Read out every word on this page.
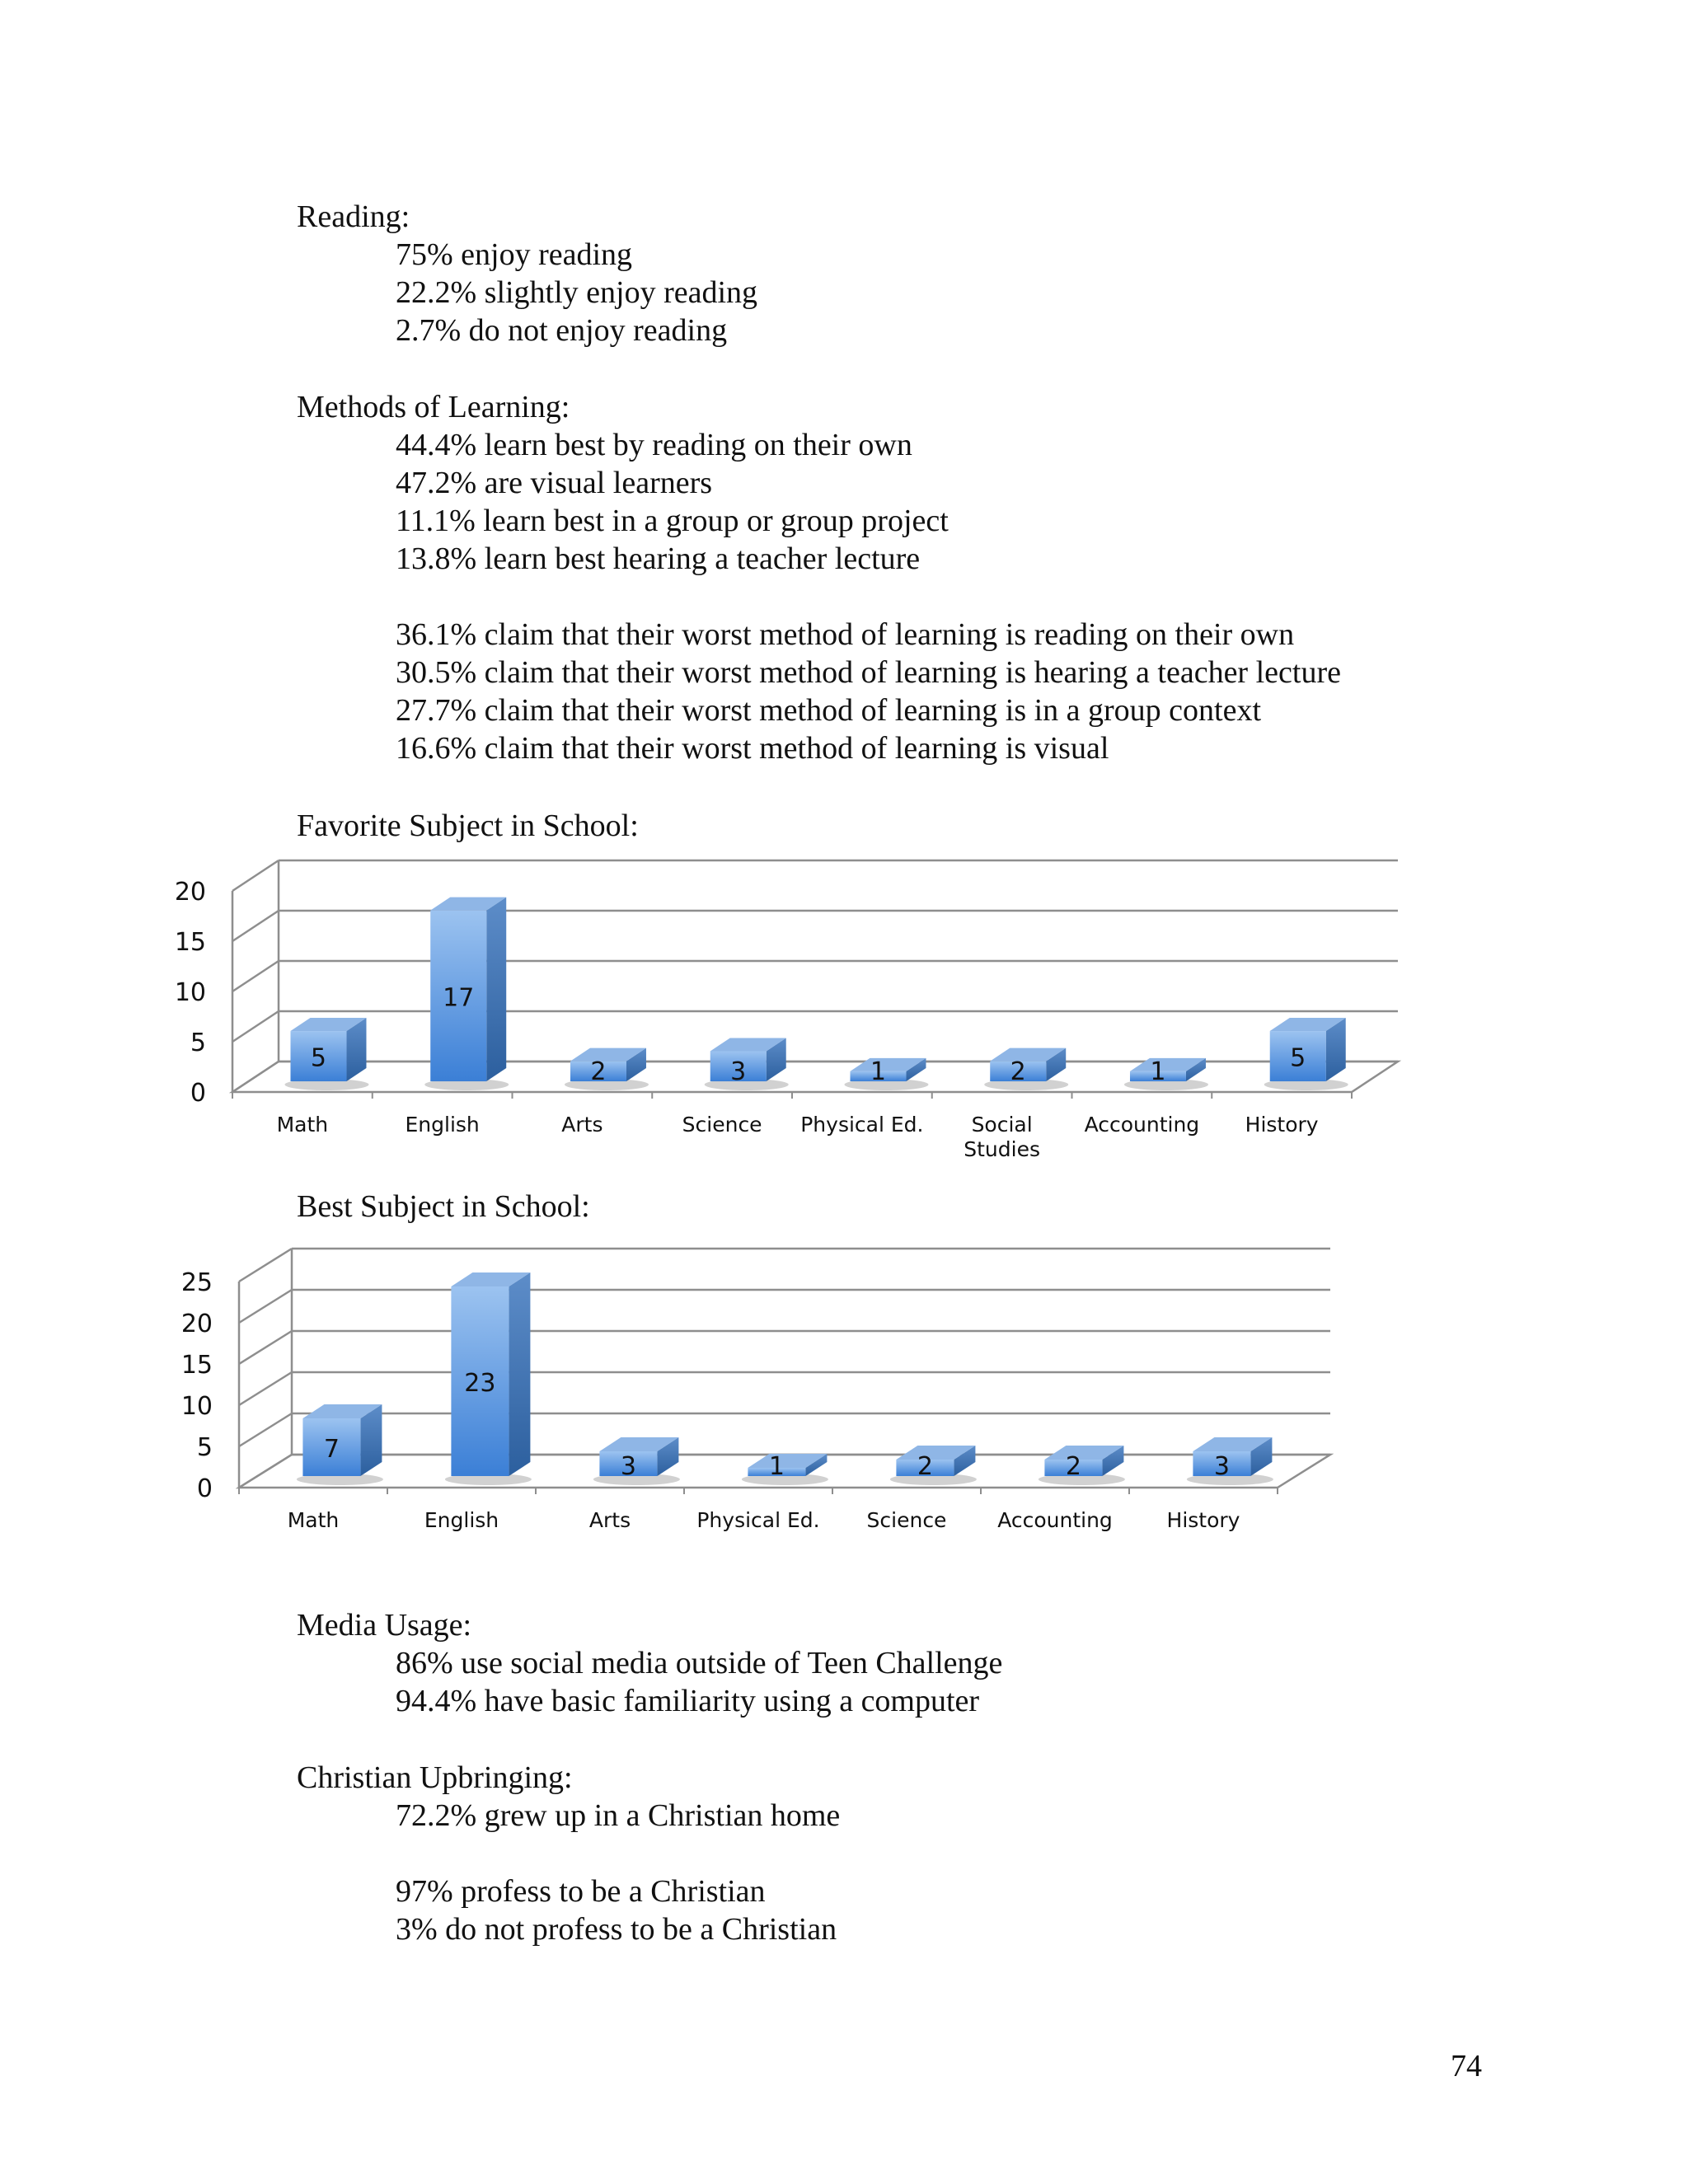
Reading:

75% enjoy reading

22.2% slightly enjoy reading

2.7% do not enjoy reading

Methods of Learning:

44.4% learn best by reading on their own

47.2% are visual learners

11.1% learn best in a group or group project

13.8% learn best hearing a teacher lecture

36.1% claim that their worst method of learning is reading on their own

30.5% claim that their worst method of learning is hearing a teacher lecture

27.7% claim that their worst method of learning is in a group context

16.6% claim that their worst method of learning is visual

Favorite Subject in School:
0
5
10
15
20
5
Math
17
English
2
Arts
3
Science
1
Physical Ed.
2
Social Studies
1
Accounting
5
History
Best Subject in School:
0
5
10
15
20
25
7
Math
23
English
3
Arts
1
Physical Ed.
2
Science
2
Accounting
3
History

Media Usage:

86% use social media outside of Teen Challenge

94.4% have basic familiarity using a computer

Christian Upbringing:

72.2% grew up in a Christian home

97% profess to be a Christian

3% do not profess to be a Christian

74
